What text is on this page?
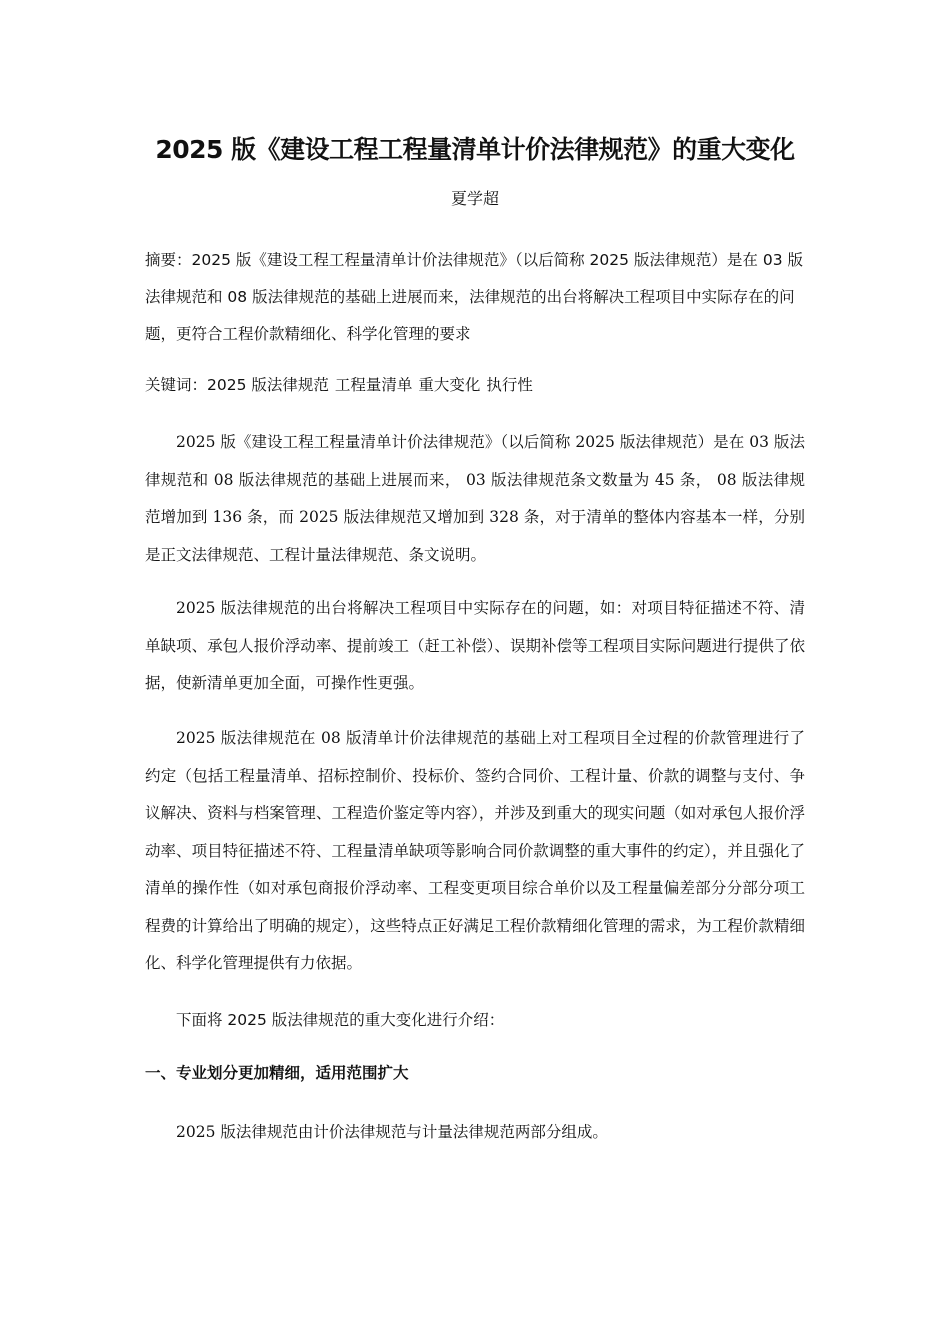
2025 版《建设工程工程量清单计价法律规范》的重大变化
夏学超
摘要：2025 版《建设工程工程量清单计价法律规范》（以后简称 2025 版法律规范）是在 03 版法律规范和 08 版法律规范的基础上进展而来，法律规范的出台将解决工程项目中实际存在的问题，更符合工程价款精细化、科学化管理的要求
关键词：2025 版法律规范 工程量清单 重大变化 执行性
2025 版《建设工程工程量清单计价法律规范》（以后简称 2025 版法律规范）是在 03 版法律规范和 08 版法律规范的基础上进展而来， 03 版法律规范条文数量为 45 条， 08 版法律规范增加到 136 条，而 2025 版法律规范又增加到 328 条，对于清单的整体内容基本一样，分别是正文法律规范、工程计量法律规范、条文说明。
2025 版法律规范的出台将解决工程项目中实际存在的问题，如：对项目特征描述不符、清单缺项、承包人报价浮动率、提前竣工（赶工补偿）、误期补偿等工程项目实际问题进行提供了依据，使新清单更加全面，可操作性更强。
2025 版法律规范在 08 版清单计价法律规范的基础上对工程项目全过程的价款管理进行了约定（包括工程量清单、招标控制价、投标价、签约合同价、工程计量、价款的调整与支付、争议解决、资料与档案管理、工程造价鉴定等内容），并涉及到重大的现实问题（如对承包人报价浮动率、项目特征描述不符、工程量清单缺项等影响合同价款调整的重大事件的约定），并且强化了清单的操作性（如对承包商报价浮动率、工程变更项目综合单价以及工程量偏差部分分部分项工程费的计算给出了明确的规定），这些特点正好满足工程价款精细化管理的需求，为工程价款精细化、科学化管理提供有力依据。
下面将 2025 版法律规范的重大变化进行介绍：
一、专业划分更加精细，适用范围扩大
2025 版法律规范由计价法律规范与计量法律规范两部分组成。
